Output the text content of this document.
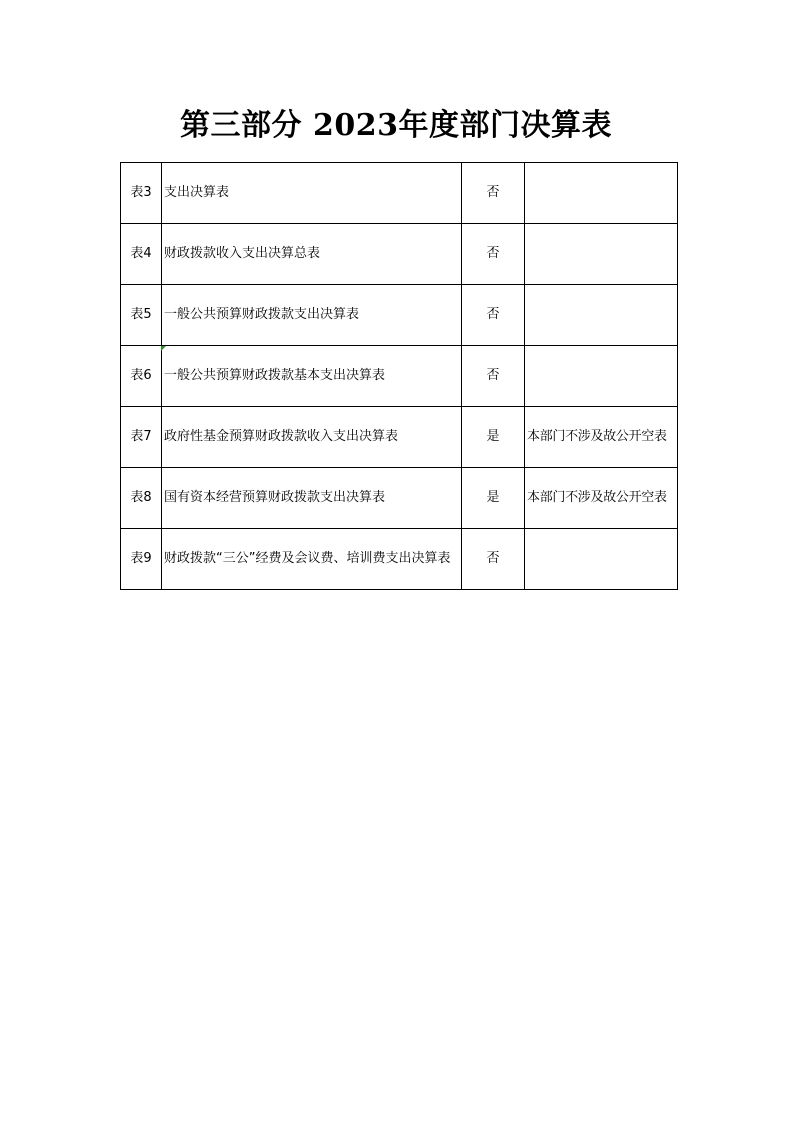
第三部分 2023年度部门决算表
表3	支出决算表	否	
表4	财政拨款收入支出决算总表	否	
表5	一般公共预算财政拨款支出决算表	否	
表6	一般公共预算财政拨款基本支出决算表	否	
表7	政府性基金预算财政拨款收入支出决算表	是	本部门不涉及故公开空表
表8	国有资本经营预算财政拨款支出决算表	是	本部门不涉及故公开空表
表9	财政拨款“三公”经费及会议费、培训费支出决算表	否	
